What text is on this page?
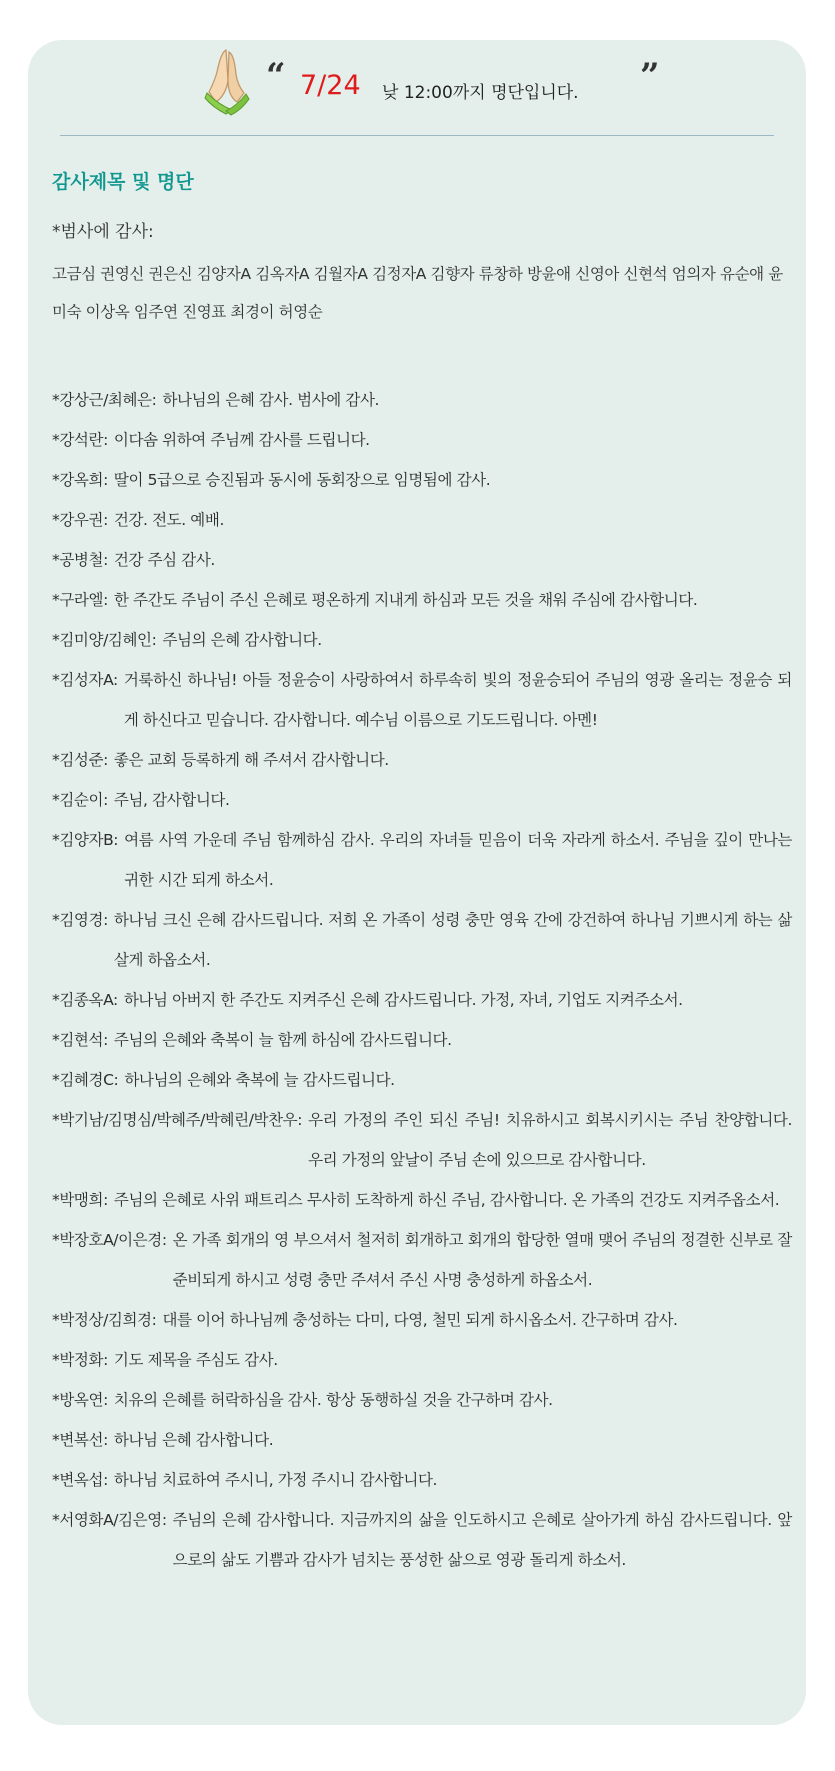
“ 7/24 낮 12:00까지 명단입니다. ”
감사제목 및 명단
*범사에 감사:
고금심 권영신 권은신 김양자A 김옥자A 김월자A 김정자A 김향자 류창하 방윤애 신영아 신현석 엄의자 유순애 윤미숙 이상옥 임주연 진영표 최경이 허영순
*강상근/최혜은: 하나님의 은혜 감사. 범사에 감사.
*강석란: 이다솜 위하여 주님께 감사를 드립니다.
*강옥희: 딸이 5급으로 승진됨과 동시에 동회장으로 임명됨에 감사.
*강우권: 건강. 전도. 예배.
*공병철: 건강 주심 감사.
*구라엘: 한 주간도 주님이 주신 은혜로 평온하게 지내게 하심과 모든 것을 채워 주심에 감사합니다.
*김미양/김혜인: 주님의 은혜 감사합니다.
*김성자A: 거룩하신 하나님! 아들 정윤승이 사랑하여서 하루속히 빛의 정윤승되어 주님의 영광 올리는 정윤승 되게 하신다고 믿습니다. 감사합니다. 예수님 이름으로 기도드립니다. 아멘!
*김성준: 좋은 교회 등록하게 해 주셔서 감사합니다.
*김순이: 주님, 감사합니다.
*김양자B: 여름 사역 가운데 주님 함께하심 감사. 우리의 자녀들 믿음이 더욱 자라게 하소서. 주님을 깊이 만나는 귀한 시간 되게 하소서.
*김영경: 하나님 크신 은혜 감사드립니다. 저희 온 가족이 성령 충만 영육 간에 강건하여 하나님 기쁘시게 하는 삶 살게 하옵소서.
*김종옥A: 하나님 아버지 한 주간도 지켜주신 은혜 감사드립니다. 가정, 자녀, 기업도 지켜주소서.
*김현석: 주님의 은혜와 축복이 늘 함께 하심에 감사드립니다.
*김혜경C: 하나님의 은혜와 축복에 늘 감사드립니다.
*박기남/김명심/박혜주/박혜린/박찬우: 우리 가정의 주인 되신 주님! 치유하시고 회복시키시는 주님 찬양합니다. 우리 가정의 앞날이 주님 손에 있으므로 감사합니다.
*박맹희: 주님의 은혜로 사위 패트리스 무사히 도착하게 하신 주님, 감사합니다. 온 가족의 건강도 지켜주옵소서.
*박장호A/이은경: 온 가족 회개의 영 부으셔서 철저히 회개하고 회개의 합당한 열매 맺어 주님의 정결한 신부로 잘 준비되게 하시고 성령 충만 주셔서 주신 사명 충성하게 하옵소서.
*박정상/김희경: 대를 이어 하나님께 충성하는 다미, 다영, 철민 되게 하시옵소서. 간구하며 감사.
*박정화: 기도 제목을 주심도 감사.
*방옥연: 치유의 은혜를 허락하심을 감사. 항상 동행하실 것을 간구하며 감사.
*변복선: 하나님 은혜 감사합니다.
*변옥섭: 하나님 치료하여 주시니, 가정 주시니 감사합니다.
*서영화A/김은영: 주님의 은혜 감사합니다. 지금까지의 삶을 인도하시고 은혜로 살아가게 하심 감사드립니다. 앞으로의 삶도 기쁨과 감사가 넘치는 풍성한 삶으로 영광 돌리게 하소서.
